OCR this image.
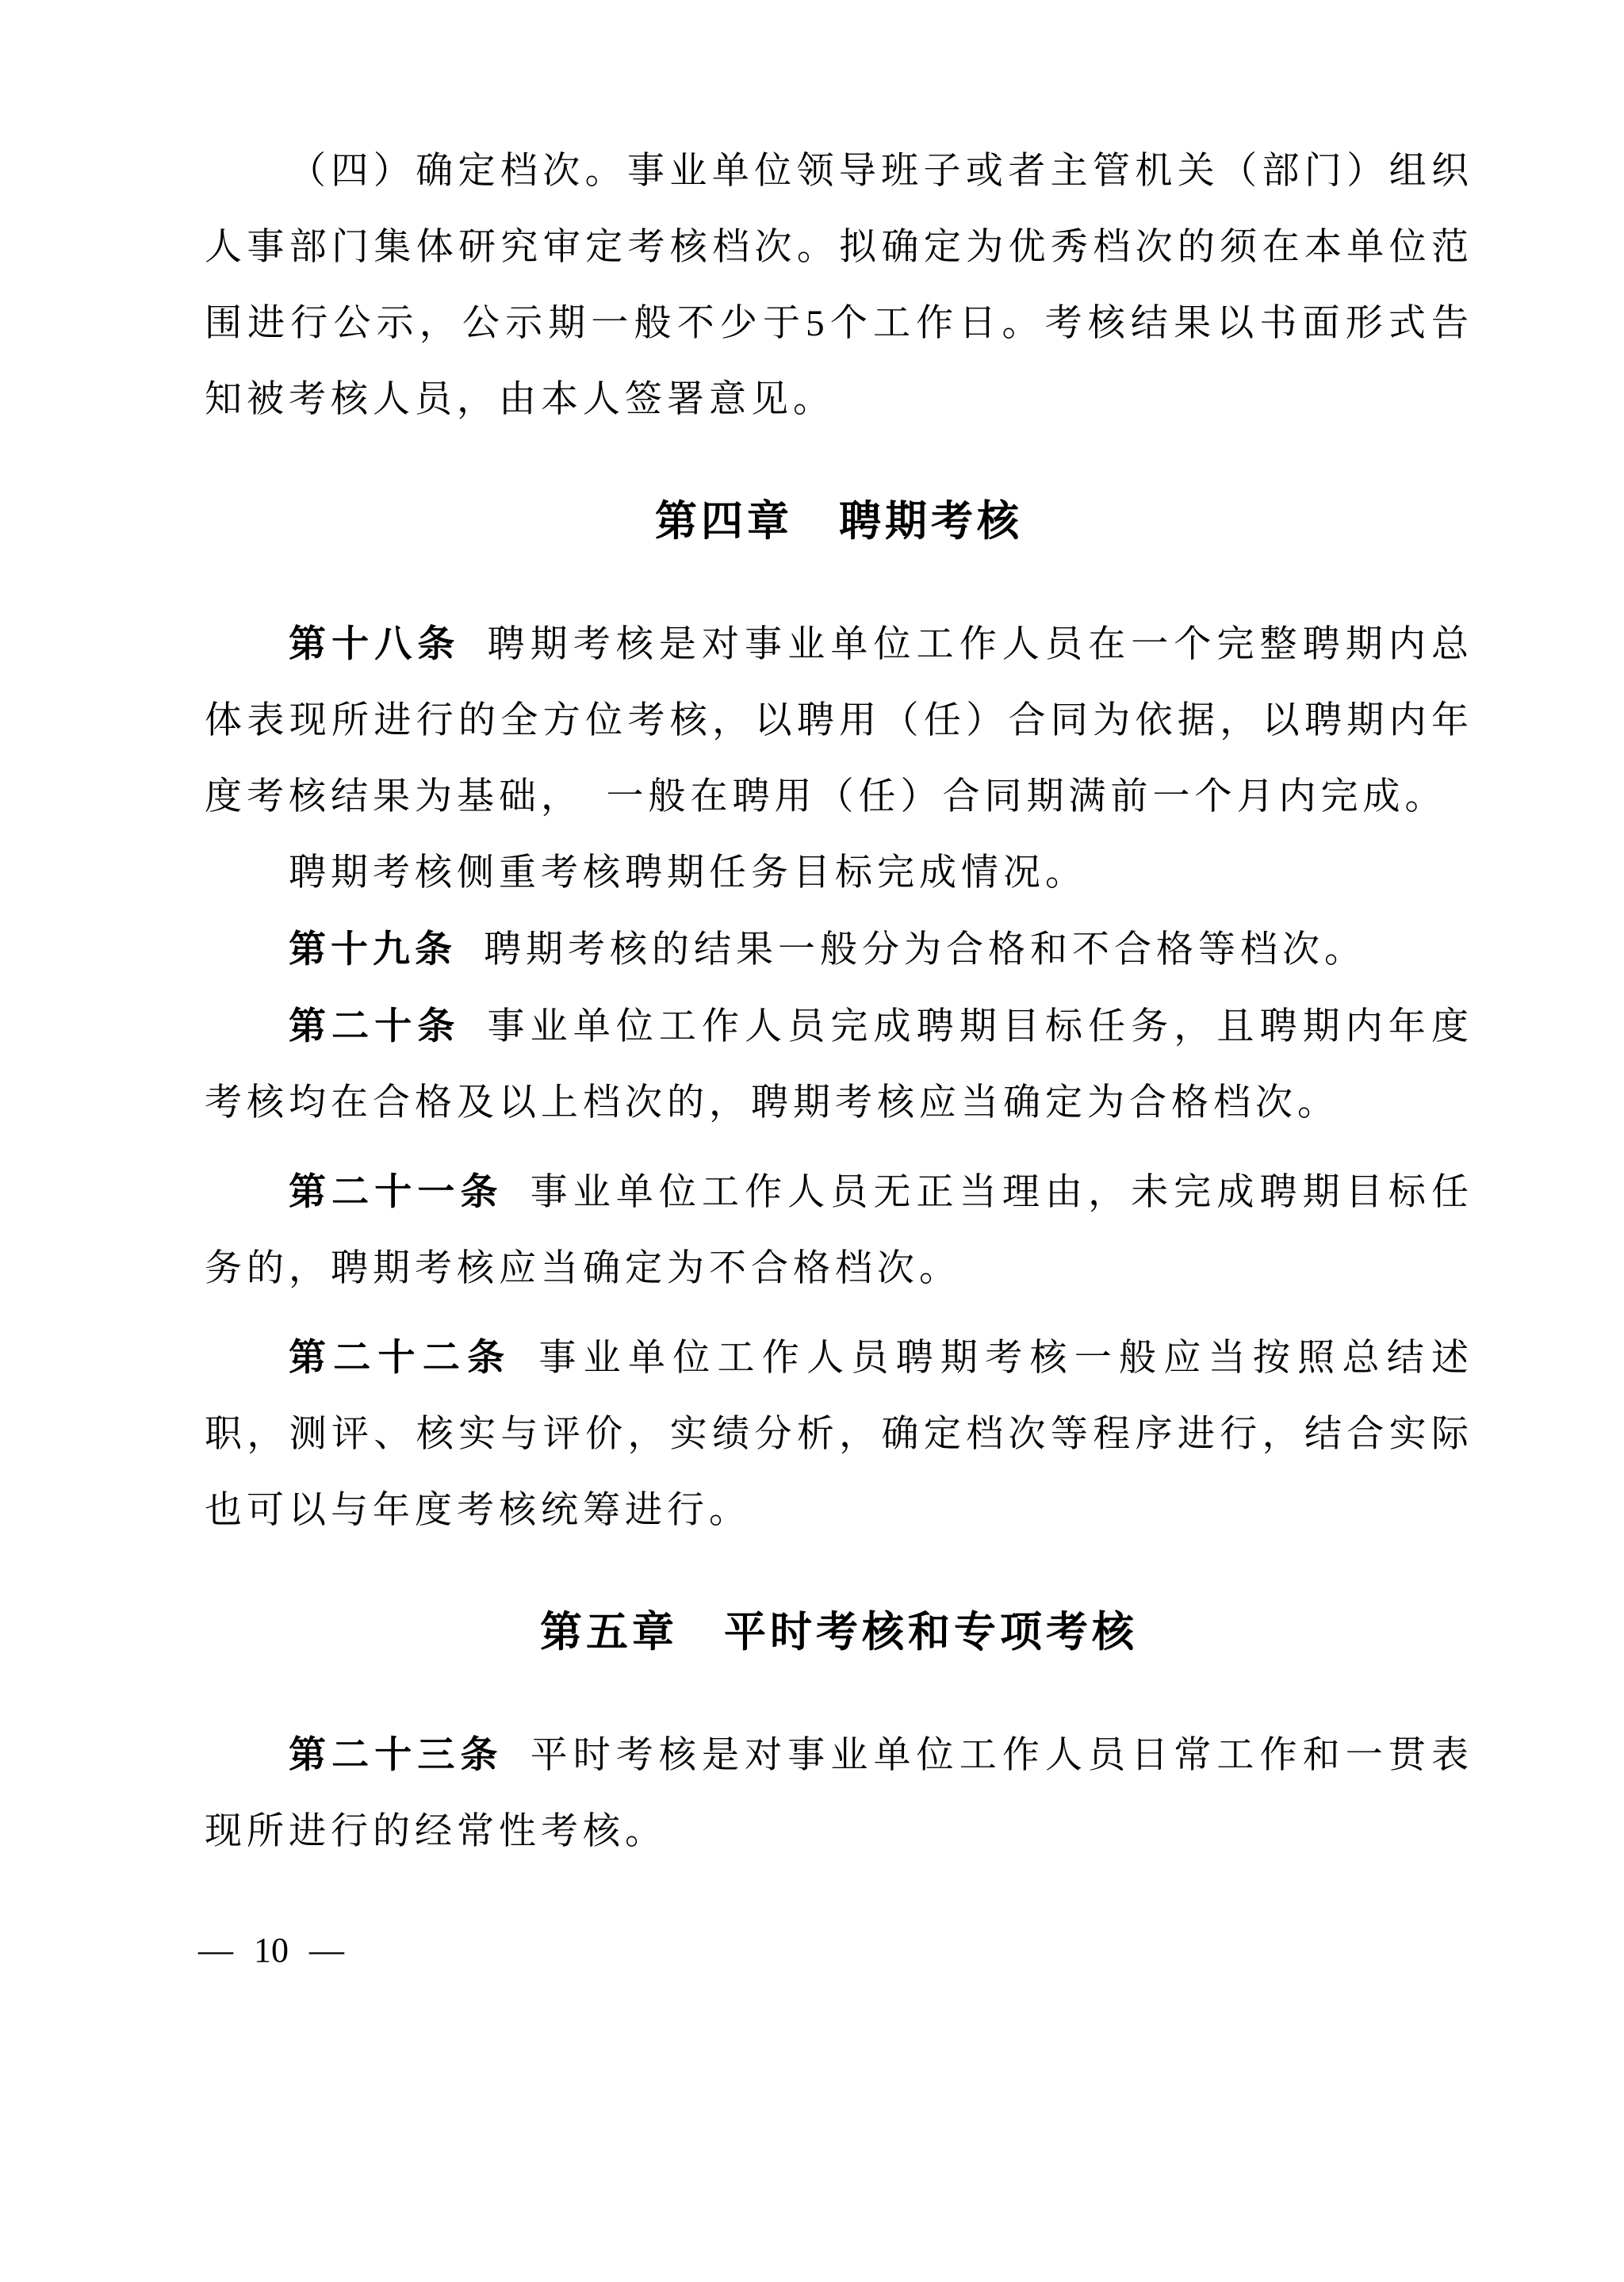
（四）确定档次。事业单位领导班子或者主管机关（部门）组织人事部门集体研究审定考核档次。拟确定为优秀档次的须在本单位范围进行公示，公示期一般不少于5个工作日。考核结果以书面形式告知被考核人员，由本人签署意见。

第四章　聘期考核

第十八条 聘期考核是对事业单位工作人员在一个完整聘期内总体表现所进行的全方位考核，以聘用（任）合同为依据，以聘期内年度考核结果为基础，　一般在聘用（任）合同期满前一个月内完成。

聘期考核侧重考核聘期任务目标完成情况。

第十九条 聘期考核的结果一般分为合格和不合格等档次。

第二十条 事业单位工作人员完成聘期目标任务，且聘期内年度考核均在合格及以上档次的，聘期考核应当确定为合格档次。

第二十一条 事业单位工作人员无正当理由，未完成聘期目标任务的，聘期考核应当确定为不合格档次。

第二十二条 事业单位工作人员聘期考核一般应当按照总结述职，测评、核实与评价，实绩分析，确定档次等程序进行，结合实际也可以与年度考核统筹进行。

第五章　平时考核和专项考核

第二十三条 平时考核是对事业单位工作人员日常工作和一贯表现所进行的经常性考核。

— 10 —
